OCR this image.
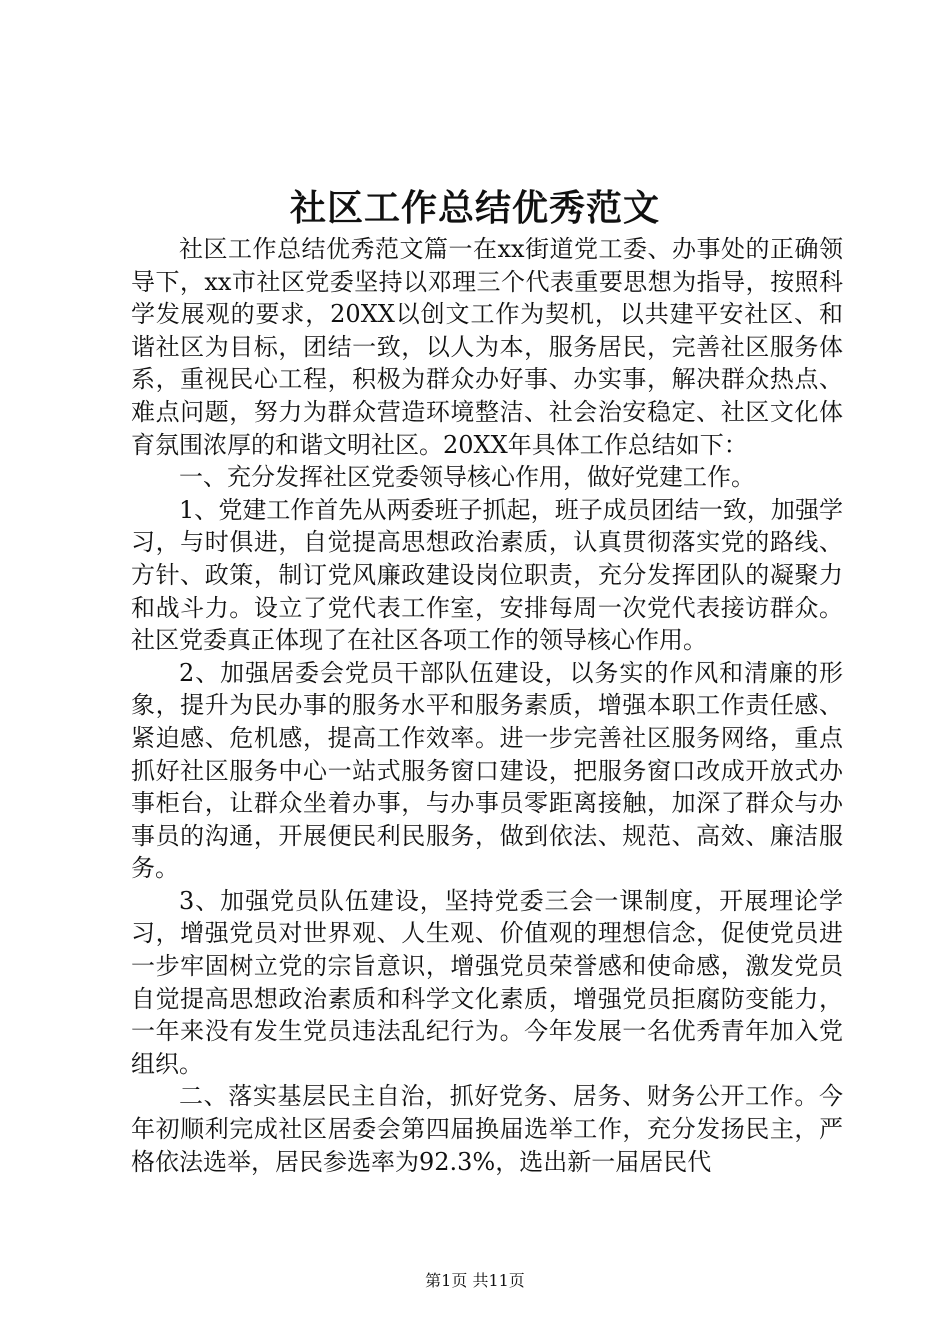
社区工作总结优秀范文

社区工作总结优秀范文篇一在xx街道党工委、办事处的正确领导下，xx市社区党委坚持以邓理三个代表重要思想为指导，按照科学发展观的要求，20XX以创文工作为契机，以共建平安社区、和谐社区为目标，团结一致，以人为本，服务居民，完善社区服务体系，重视民心工程，积极为群众办好事、办实事，解决群众热点、难点问题，努力为群众营造环境整洁、社会治安稳定、社区文化体育氛围浓厚的和谐文明社区。20XX年具体工作总结如下：

一、充分发挥社区党委领导核心作用，做好党建工作。

1、党建工作首先从两委班子抓起，班子成员团结一致，加强学习，与时俱进，自觉提高思想政治素质，认真贯彻落实党的路线、方针、政策，制订党风廉政建设岗位职责，充分发挥团队的凝聚力和战斗力。设立了党代表工作室，安排每周一次党代表接访群众。社区党委真正体现了在社区各项工作的领导核心作用。

2、加强居委会党员干部队伍建设，以务实的作风和清廉的形象，提升为民办事的服务水平和服务素质，增强本职工作责任感、紧迫感、危机感，提高工作效率。进一步完善社区服务网络，重点抓好社区服务中心一站式服务窗口建设，把服务窗口改成开放式办事柜台，让群众坐着办事，与办事员零距离接触，加深了群众与办事员的沟通，开展便民利民服务，做到依法、规范、高效、廉洁服务。

3、加强党员队伍建设，坚持党委三会一课制度，开展理论学习，增强党员对世界观、人生观、价值观的理想信念，促使党员进一步牢固树立党的宗旨意识，增强党员荣誉感和使命感，激发党员自觉提高思想政治素质和科学文化素质，增强党员拒腐防变能力，一年来没有发生党员违法乱纪行为。今年发展一名优秀青年加入党组织。

二、落实基层民主自治，抓好党务、居务、财务公开工作。今年初顺利完成社区居委会第四届换届选举工作，充分发扬民主，严格依法选举，居民参选率为92.3%，选出新一届居民代

第1页 共11页
